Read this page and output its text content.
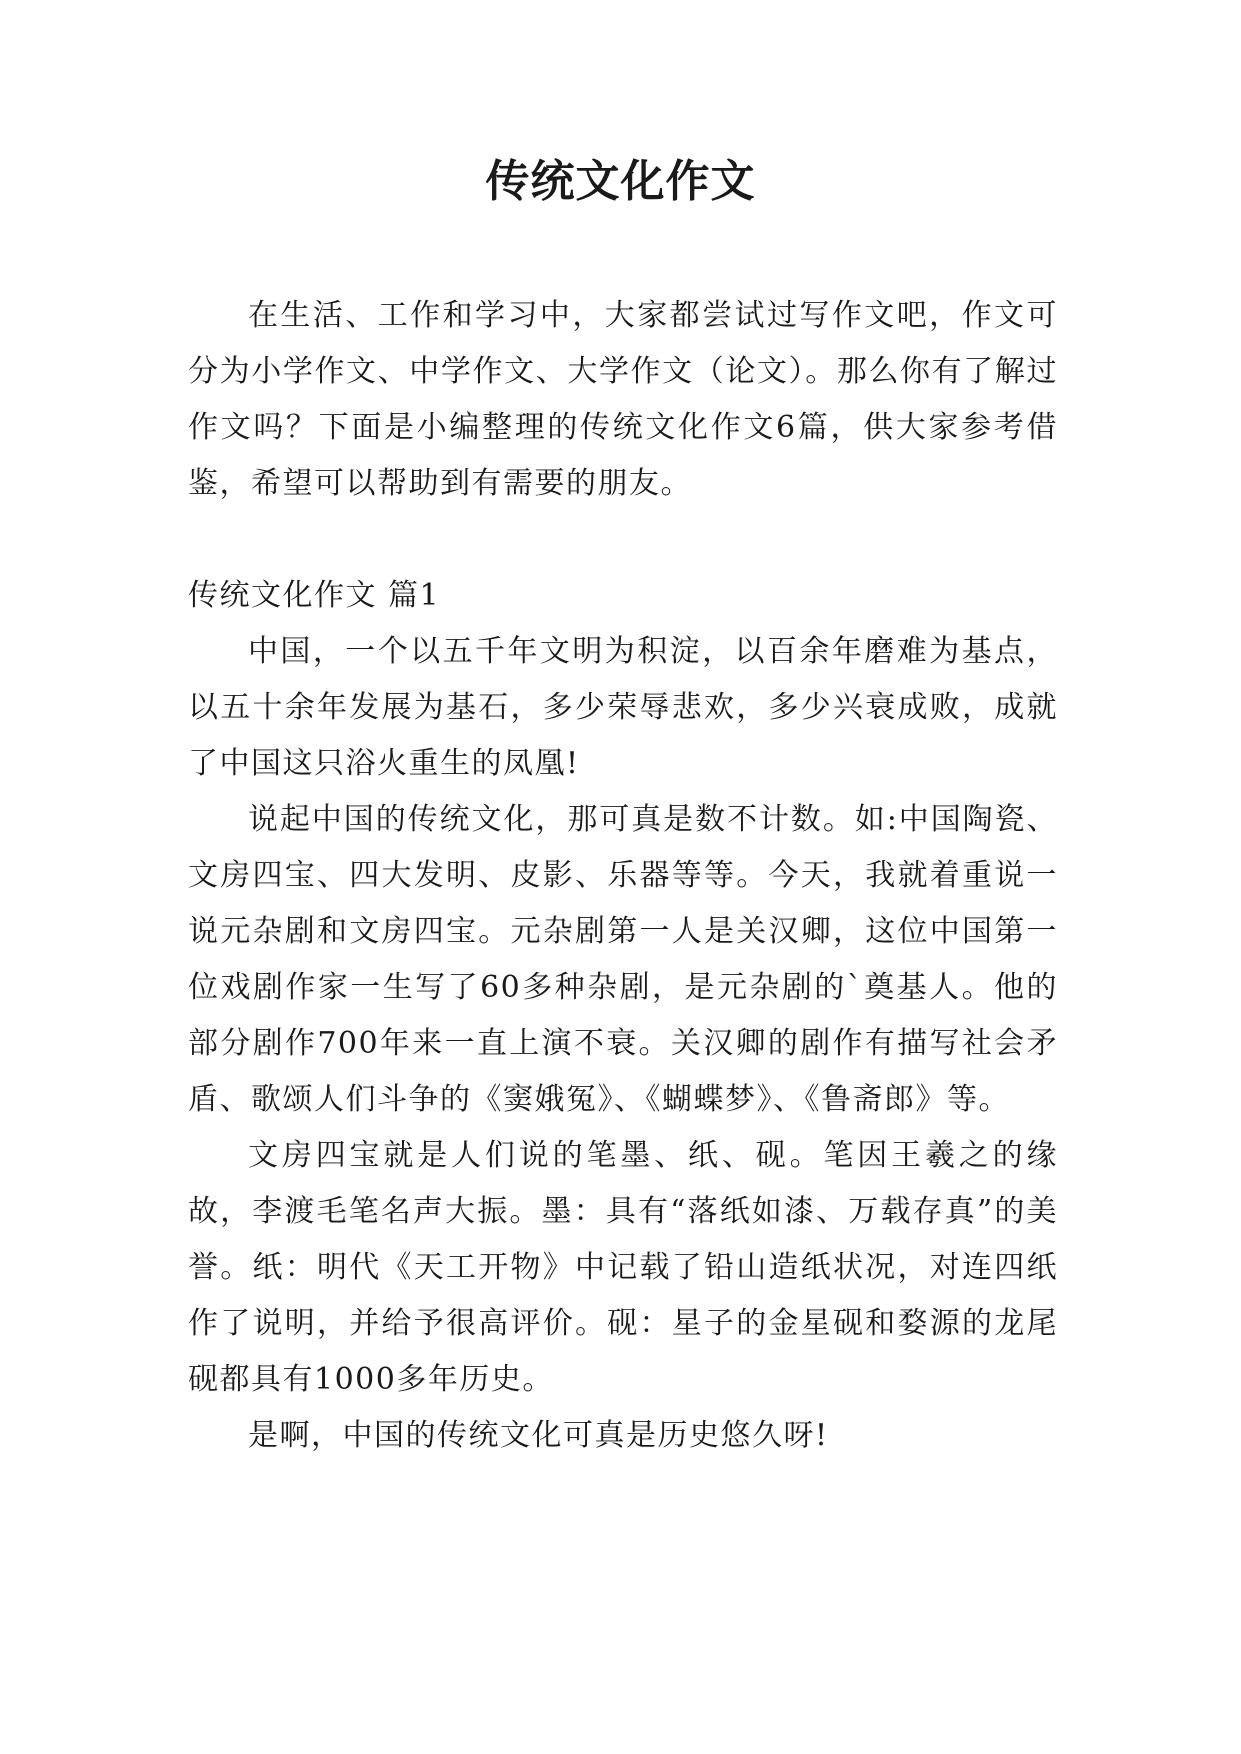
传统文化作文

在生活、工作和学习中，大家都尝试过写作文吧，作文可分为小学作文、中学作文、大学作文（论文）。那么你有了解过作文吗？下面是小编整理的传统文化作文6篇，供大家参考借鉴，希望可以帮助到有需要的朋友。

传统文化作文 篇1

中国，一个以五千年文明为积淀，以百余年磨难为基点，以五十余年发展为基石，多少荣辱悲欢，多少兴衰成败，成就了中国这只浴火重生的凤凰!

说起中国的传统文化，那可真是数不计数。如:中国陶瓷、文房四宝、四大发明、皮影、乐器等等。今天，我就着重说一说元杂剧和文房四宝。元杂剧第一人是关汉卿，这位中国第一位戏剧作家一生写了60多种杂剧，是元杂剧的`奠基人。他的部分剧作700年来一直上演不衰。关汉卿的剧作有描写社会矛盾、歌颂人们斗争的《窦娥冤》、《蝴蝶梦》、《鲁斋郎》等。

文房四宝就是人们说的笔墨、纸、砚。笔因王羲之的缘故，李渡毛笔名声大振。墨：具有“落纸如漆、万载存真”的美誉。纸：明代《天工开物》中记载了铅山造纸状况，对连四纸作了说明，并给予很高评价。砚：星子的金星砚和婺源的龙尾砚都具有1000多年历史。

是啊，中国的传统文化可真是历史悠久呀!
